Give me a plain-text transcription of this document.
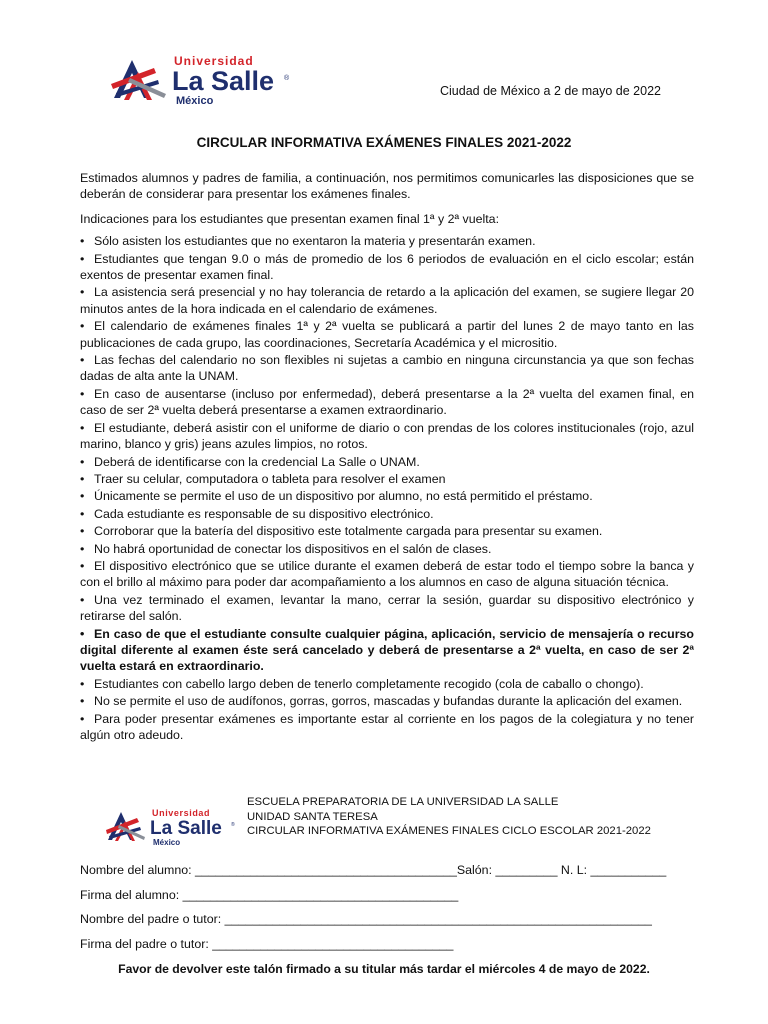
Universidad
La Salle ®
México
Ciudad de México a 2 de mayo de 2022
CIRCULAR INFORMATIVA EXÁMENES FINALES 2021-2022

Estimados alumnos y padres de familia, a continuación, nos permitimos comunicarles las disposiciones que se deberán de considerar para presentar los exámenes finales.

Indicaciones para los estudiantes que presentan examen final 1ª y 2ª vuelta:

• Sólo asisten los estudiantes que no exentaron la materia y presentarán examen.
• Estudiantes que tengan 9.0 o más de promedio de los 6 periodos de evaluación en el ciclo escolar; están exentos de presentar examen final.
• La asistencia será presencial y no hay tolerancia de retardo a la aplicación del examen, se sugiere llegar 20 minutos antes de la hora indicada en el calendario de exámenes.
• El calendario de exámenes finales 1ª y 2ª vuelta se publicará a partir del lunes 2 de mayo tanto en las publicaciones de cada grupo, las coordinaciones, Secretaría Académica y el micrositio.
• Las fechas del calendario no son flexibles ni sujetas a cambio en ninguna circunstancia ya que son fechas dadas de alta ante la UNAM.
• En caso de ausentarse (incluso por enfermedad), deberá presentarse a la 2ª vuelta del examen final, en caso de ser 2ª vuelta deberá presentarse a examen extraordinario.
• El estudiante, deberá asistir con el uniforme de diario o con prendas de los colores institucionales (rojo, azul marino, blanco y gris) jeans azules limpios, no rotos.
• Deberá de identificarse con la credencial La Salle o UNAM.
• Traer su celular, computadora o tableta para resolver el examen
• Únicamente se permite el uso de un dispositivo por alumno, no está permitido el préstamo.
• Cada estudiante es responsable de su dispositivo electrónico.
• Corroborar que la batería del dispositivo este totalmente cargada para presentar su examen.
• No habrá oportunidad de conectar los dispositivos en el salón de clases.
• El dispositivo electrónico que se utilice durante el examen deberá de estar todo el tiempo sobre la banca y con el brillo al máximo para poder dar acompañamiento a los alumnos en caso de alguna situación técnica.
• Una vez terminado el examen, levantar la mano, cerrar la sesión, guardar su dispositivo electrónico y retirarse del salón.
• En caso de que el estudiante consulte cualquier página, aplicación, servicio de mensajería o recurso digital diferente al examen éste será cancelado y deberá de presentarse a 2ª vuelta, en caso de ser 2ª vuelta estará en extraordinario.
• Estudiantes con cabello largo deben de tenerlo completamente recogido (cola de caballo o chongo).
• No se permite el uso de audífonos, gorras, gorros, mascadas y bufandas durante la aplicación del examen.
• Para poder presentar exámenes es importante estar al corriente en los pagos de la colegiatura y no tener algún otro adeudo.
Universidad
La Salle ®
México
ESCUELA PREPARATORIA DE LA UNIVERSIDAD LA SALLE
UNIDAD SANTA TERESA
CIRCULAR INFORMATIVA EXÁMENES FINALES CICLO ESCOLAR 2021-2022
Nombre del alumno: ______________________________________Salón: _________ N. L: ___________
Firma del alumno: ________________________________________
Nombre del padre o tutor: ______________________________________________________________
Firma del padre o tutor: ___________________________________
Favor de devolver este talón firmado a su titular más tardar el miércoles 4 de mayo de 2022.
